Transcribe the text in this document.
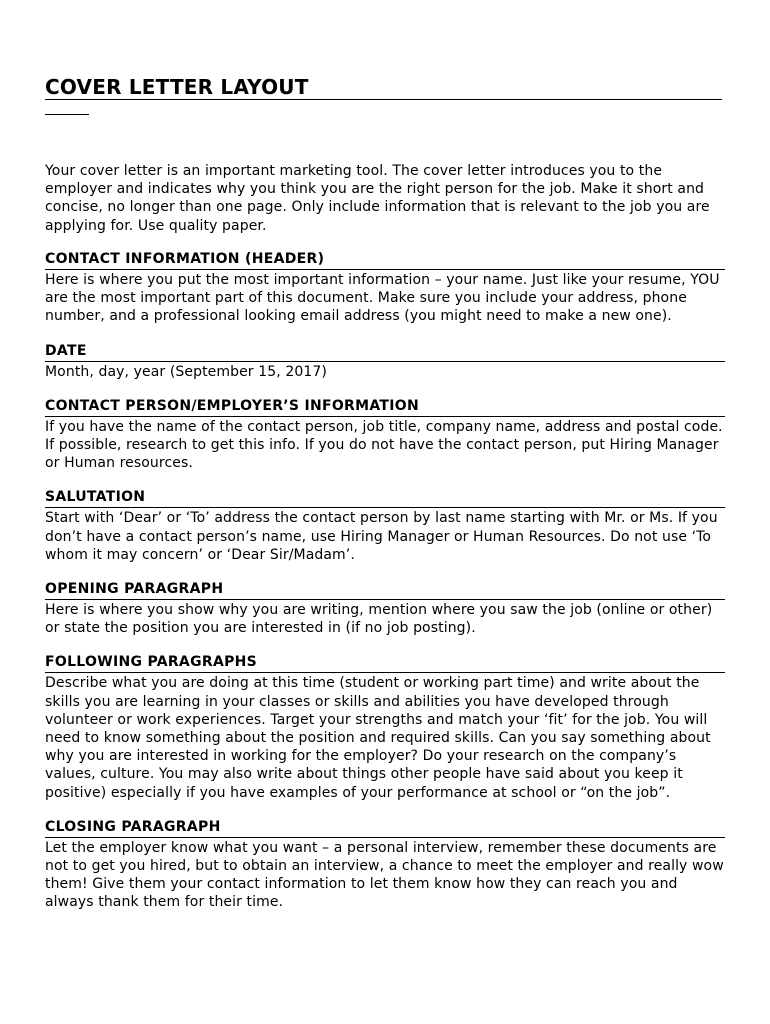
COVER LETTER LAYOUT
Your cover letter is an important marketing tool. The cover letter introduces you to the employer and indicates why you think you are the right person for the job. Make it short and concise, no longer than one page. Only include information that is relevant to the job you are applying for. Use quality paper.
CONTACT INFORMATION (HEADER)
Here is where you put the most important information – your name. Just like your resume, YOU are the most important part of this document. Make sure you include your address, phone number, and a professional looking email address (you might need to make a new one).
DATE
Month, day, year (September 15, 2017)
CONTACT PERSON/EMPLOYER’S INFORMATION
If you have the name of the contact person, job title, company name, address and postal code. If possible, research to get this info. If you do not have the contact person, put Hiring Manager or Human resources.
SALUTATION
Start with ‘Dear’ or ‘To’ address the contact person by last name starting with Mr. or Ms. If you don’t have a contact person’s name, use Hiring Manager or Human Resources. Do not use ‘To whom it may concern’ or ‘Dear Sir/Madam’.
OPENING PARAGRAPH
Here is where you show why you are writing, mention where you saw the job (online or other) or state the position you are interested in (if no job posting).
FOLLOWING PARAGRAPHS
Describe what you are doing at this time (student or working part time) and write about the skills you are learning in your classes or skills and abilities you have developed through volunteer or work experiences. Target your strengths and match your ‘fit’ for the job. You will need to know something about the position and required skills. Can you say something about why you are interested in working for the employer? Do your research on the company’s values, culture. You may also write about things other people have said about you keep it positive) especially if you have examples of your performance at school or “on the job”.
CLOSING PARAGRAPH
Let the employer know what you want – a personal interview, remember these documents are not to get you hired, but to obtain an interview, a chance to meet the employer and really wow them! Give them your contact information to let them know how they can reach you and always thank them for their time.
